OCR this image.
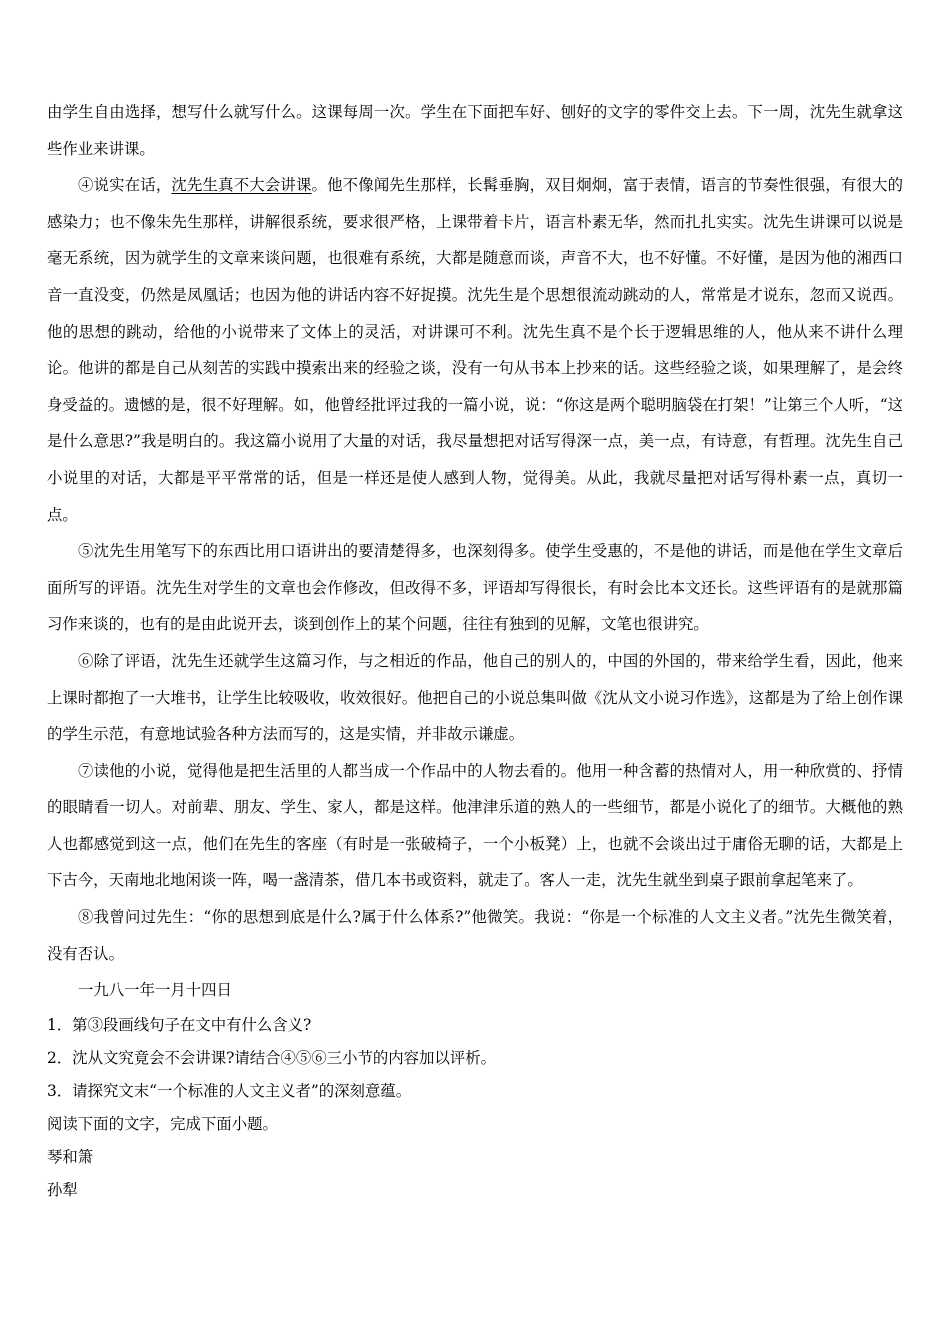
由学生自由选择，想写什么就写什么。这课每周一次。学生在下面把车好、刨好的文字的零件交上去。下一周，沈先生就拿这些作业来讲课。

④说实在话，沈先生真不大会讲课。他不像闻先生那样，长髯垂胸，双目炯炯，富于表情，语言的节奏性很强，有很大的感染力；也不像朱先生那样，讲解很系统，要求很严格，上课带着卡片，语言朴素无华，然而扎扎实实。沈先生讲课可以说是毫无系统，因为就学生的文章来谈问题，也很难有系统，大都是随意而谈，声音不大，也不好懂。不好懂，是因为他的湘西口音一直没变，仍然是凤凰话；也因为他的讲话内容不好捉摸。沈先生是个思想很流动跳动的人，常常是才说东，忽而又说西。他的思想的跳动，给他的小说带来了文体上的灵活，对讲课可不利。沈先生真不是个长于逻辑思维的人，他从来不讲什么理论。他讲的都是自己从刻苦的实践中摸索出来的经验之谈，没有一句从书本上抄来的话。这些经验之谈，如果理解了，是会终身受益的。遗憾的是，很不好理解。如，他曾经批评过我的一篇小说，说：“你这是两个聪明脑袋在打架！”让第三个人听，“这是什么意思?”我是明白的。我这篇小说用了大量的对话，我尽量想把对话写得深一点，美一点，有诗意，有哲理。沈先生自己小说里的对话，大都是平平常常的话，但是一样还是使人感到人物，觉得美。从此，我就尽量把对话写得朴素一点，真切一点。

⑤沈先生用笔写下的东西比用口语讲出的要清楚得多，也深刻得多。使学生受惠的，不是他的讲话，而是他在学生文章后面所写的评语。沈先生对学生的文章也会作修改，但改得不多，评语却写得很长，有时会比本文还长。这些评语有的是就那篇习作来谈的，也有的是由此说开去，谈到创作上的某个问题，往往有独到的见解，文笔也很讲究。

⑥除了评语，沈先生还就学生这篇习作，与之相近的作品，他自己的别人的，中国的外国的，带来给学生看，因此，他来上课时都抱了一大堆书，让学生比较吸收，收效很好。他把自己的小说总集叫做《沈从文小说习作选》，这都是为了给上创作课的学生示范，有意地试验各种方法而写的，这是实情，并非故示谦虚。

⑦读他的小说，觉得他是把生活里的人都当成一个作品中的人物去看的。他用一种含蓄的热情对人，用一种欣赏的、抒情的眼睛看一切人。对前辈、朋友、学生、家人，都是这样。他津津乐道的熟人的一些细节，都是小说化了的细节。大概他的熟人也都感觉到这一点，他们在先生的客座（有时是一张破椅子，一个小板凳）上，也就不会谈出过于庸俗无聊的话，大都是上下古今，天南地北地闲谈一阵，喝一盏清茶，借几本书或资料，就走了。客人一走，沈先生就坐到桌子跟前拿起笔来了。

⑧我曾问过先生：“你的思想到底是什么?属于什么体系?”他微笑。我说：“你是一个标准的人文主义者。”沈先生微笑着，没有否认。

一九八一年一月十四日

1．第③段画线句子在文中有什么含义?

2．沈从文究竟会不会讲课?请结合④⑤⑥三小节的内容加以评析。

3．请探究文末“一个标准的人文主义者”的深刻意蕴。

阅读下面的文字，完成下面小题。

琴和箫

孙犁
